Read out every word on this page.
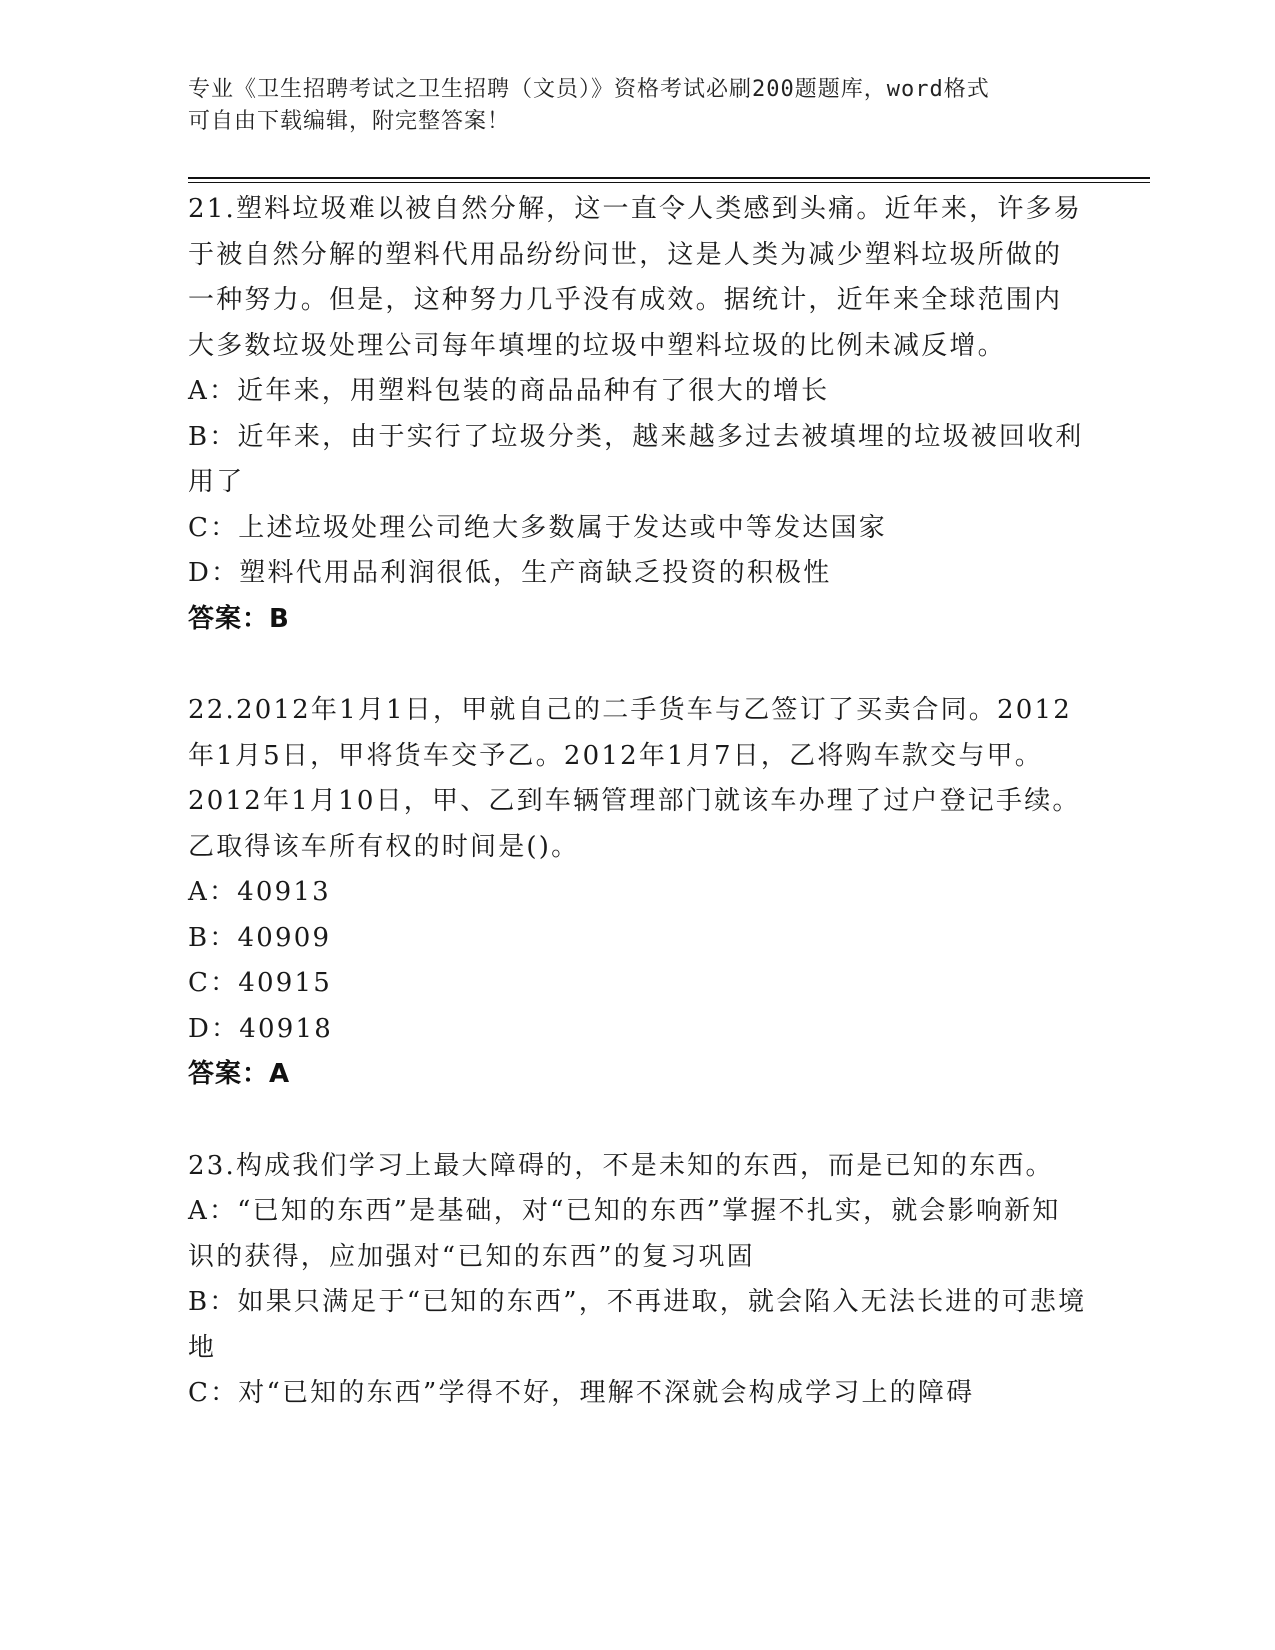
专业《卫生招聘考试之卫生招聘（文员）》资格考试必刷200题题库，word格式
可自由下载编辑，附完整答案！

21.塑料垃圾难以被自然分解，这一直令人类感到头痛。近年来，许多易于被自然分解的塑料代用品纷纷问世，这是人类为减少塑料垃圾所做的一种努力。但是，这种努力几乎没有成效。据统计，近年来全球范围内大多数垃圾处理公司每年填埋的垃圾中塑料垃圾的比例未减反增。

A：近年来，用塑料包装的商品品种有了很大的增长

B：近年来，由于实行了垃圾分类，越来越多过去被填埋的垃圾被回收利用了

C：上述垃圾处理公司绝大多数属于发达或中等发达国家

D：塑料代用品利润很低，生产商缺乏投资的积极性

答案：B

22.2012年1月1日，甲就自己的二手货车与乙签订了买卖合同。2012年1月5日，甲将货车交予乙。2012年1月7日，乙将购车款交与甲。2012年1月10日，甲、乙到车辆管理部门就该车办理了过户登记手续。乙取得该车所有权的时间是()。

A：40913

B：40909

C：40915

D：40918

答案：A

23.构成我们学习上最大障碍的，不是未知的东西，而是已知的东西。

A：“已知的东西”是基础，对“已知的东西”掌握不扎实，就会影响新知识的获得，应加强对“已知的东西”的复习巩固

B：如果只满足于“已知的东西”，不再进取，就会陷入无法长进的可悲境地

C：对“已知的东西”学得不好，理解不深就会构成学习上的障碍
